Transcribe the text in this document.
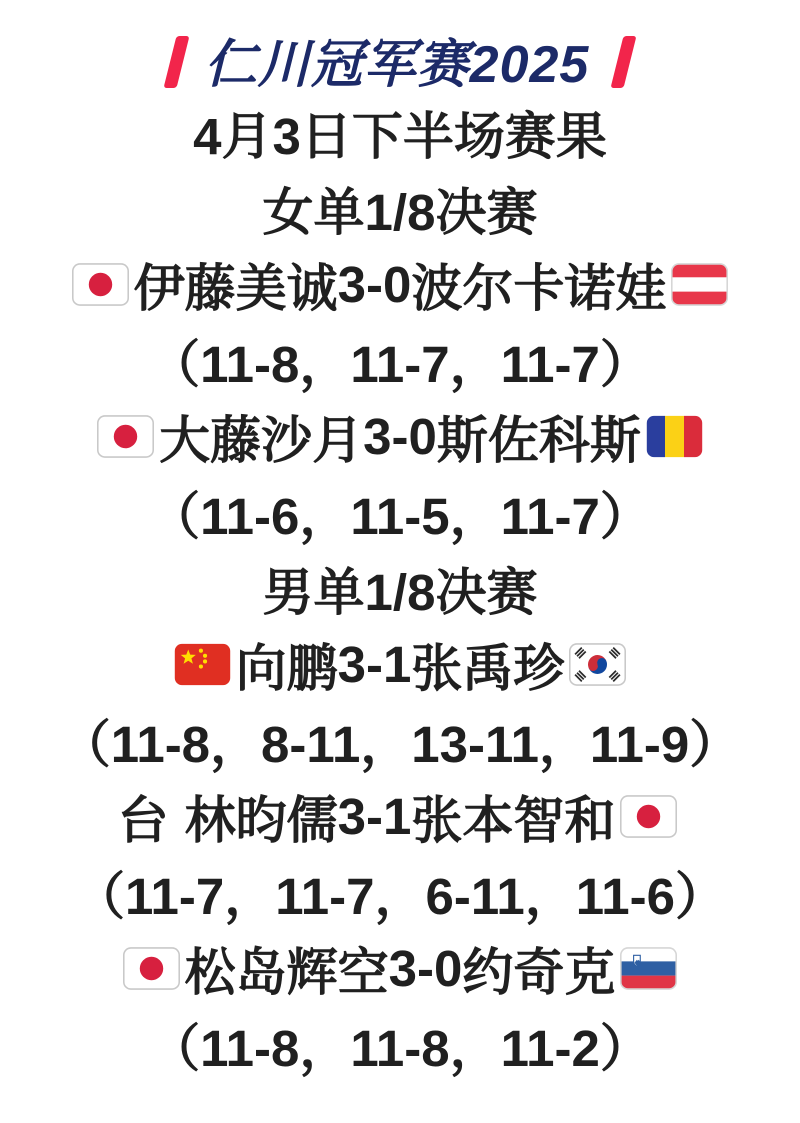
仁川冠军赛2025
4月3日下半场赛果
女单1/8决赛
伊藤美诚 3-0 波尔卡诺娃
（11-8，11-7，11-7）
大藤沙月 3-0 斯佐科斯
（11-6，11-5，11-7）
男单1/8决赛
向鹏 3-1 张禹珍
（11-8，8-11，13-11，11-9）
台 林昀儒 3-1 张本智和
（11-7，11-7，6-11，11-6）
松岛辉空 3-0 约奇克
（11-8，11-8，11-2）
